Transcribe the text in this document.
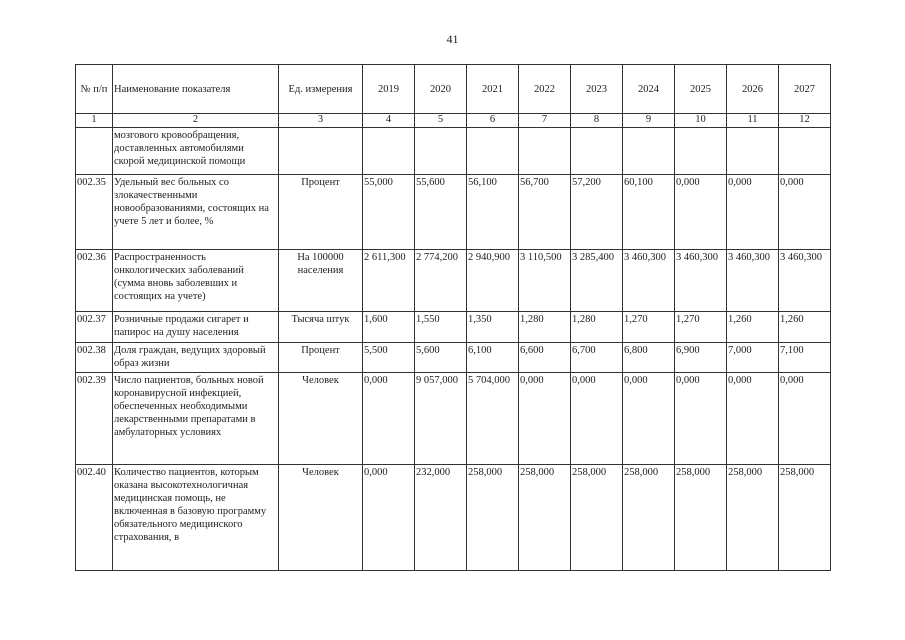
41
№ п/п	Наименование показателя	Ед. измерения	2019	2020	2021	2022	2023	2024	2025	2026	2027
1	2	3	4	5	6	7	8	9	10	11	12
	мозгового кровообращения, доставленных автомобилями скорой медицинской помощи										
002.35	Удельный вес больных со злокачественными новообразованиями, состоящих на учете 5 лет и более, %	Процент	55,000	55,600	56,100	56,700	57,200	60,100	0,000	0,000	0,000
002.36	Распространенность онкологических заболеваний (сумма вновь заболевших и состоящих на учете)	На 100000 населения	2 611,300	2 774,200	2 940,900	3 110,500	3 285,400	3 460,300	3 460,300	3 460,300	3 460,300
002.37	Розничные продажи сигарет и папирос на душу населения	Тысяча штук	1,600	1,550	1,350	1,280	1,280	1,270	1,270	1,260	1,260
002.38	Доля граждан, ведущих здоровый образ жизни	Процент	5,500	5,600	6,100	6,600	6,700	6,800	6,900	7,000	7,100
002.39	Число пациентов, больных новой коронавирусной инфекцией, обеспеченных необходимыми лекарственными препаратами в амбулаторных условиях	Человек	0,000	9 057,000	5 704,000	0,000	0,000	0,000	0,000	0,000	0,000
002.40	Количество пациентов, которым оказана высокотехнологичная медицинская помощь, не включенная в базовую программу обязательного медицинского страхования, в	Человек	0,000	232,000	258,000	258,000	258,000	258,000	258,000	258,000	258,000
